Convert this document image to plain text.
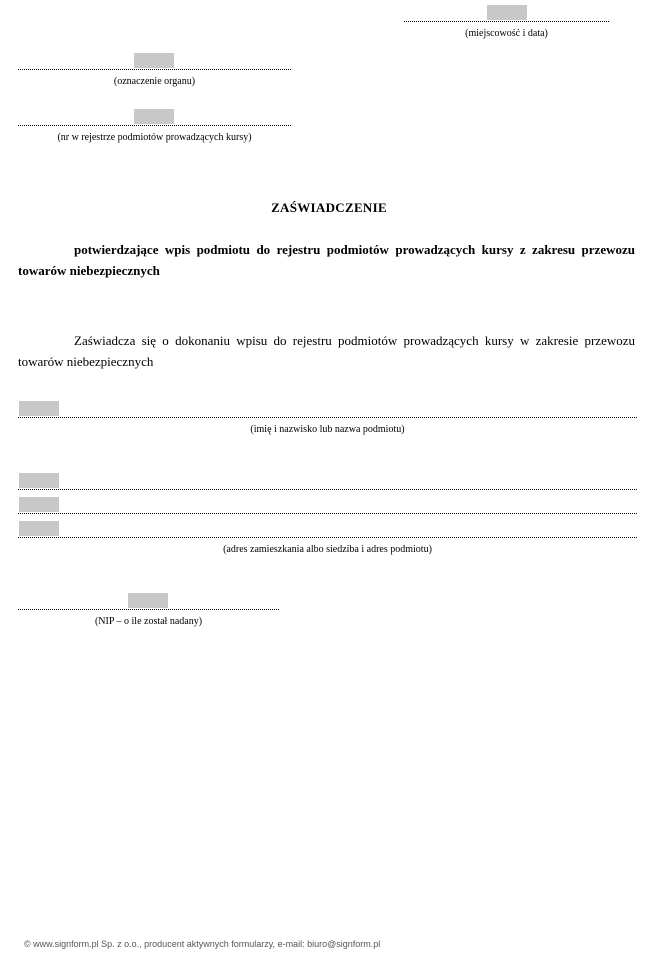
(miejscowość i data)
(oznaczenie organu)
(nr w rejestrze podmiotów prowadzących kursy)
ZAŚWIADCZENIE
potwierdzające wpis podmiotu do rejestru podmiotów prowadzących kursy z zakresu przewozu towarów niebezpiecznych
Zaświadcza się o dokonaniu wpisu do rejestru podmiotów prowadzących kursy w zakresie przewozu towarów niebezpiecznych
(imię i nazwisko lub nazwa podmiotu)
(adres zamieszkania albo siedziba i adres podmiotu)
(NIP – o ile został nadany)
© www.signform.pl Sp. z o.o., producent aktywnych formularzy, e-mail: biuro@signform.pl
